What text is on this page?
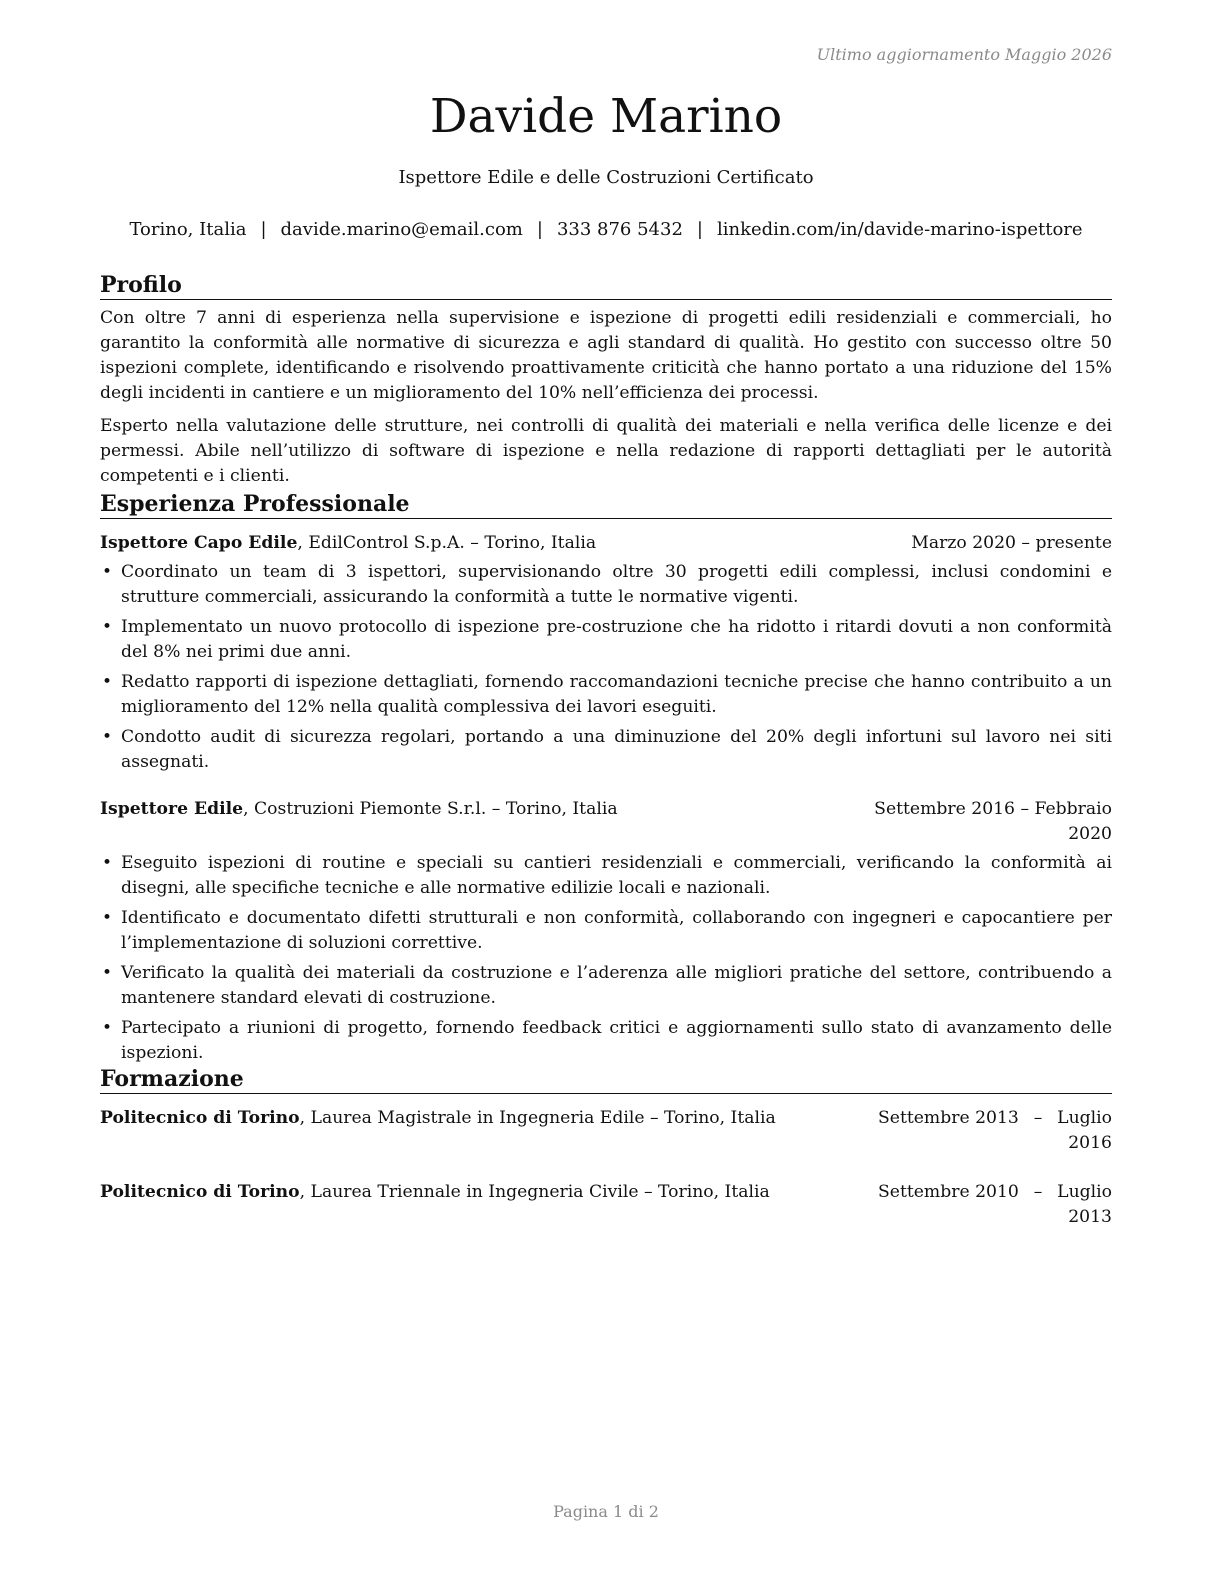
Ultimo aggiornamento Maggio 2026
Davide Marino
Ispettore Edile e delle Costruzioni Certificato
Torino, Italia | davide.marino@email.com | 333 876 5432 | linkedin.com/in/davide-marino-ispettore
Profilo

Con oltre 7 anni di esperienza nella supervisione e ispezione di progetti edili residenziali e commerciali, ho garantito la conformità alle normative di sicurezza e agli standard di qualità. Ho gestito con successo oltre 50 ispezioni complete, identificando e risolvendo proattivamente criticità che hanno portato a una riduzione del 15% degli incidenti in cantiere e un miglioramento del 10% nell’efficienza dei processi.

Esperto nella valutazione delle strutture, nei controlli di qualità dei materiali e nella verifica delle licenze e dei permessi. Abile nell’utilizzo di software di ispezione e nella redazione di rapporti dettagliati per le autorità competenti e i clienti.

Esperienza Professionale
Ispettore Capo Edile, EdilControl S.p.A. – Torino, Italia	Marzo 2020 – presente
• Coordinato un team di 3 ispettori, supervisionando oltre 30 progetti edili complessi, inclusi condomini e strutture commerciali, assicurando la conformità a tutte le normative vigenti.
• Implementato un nuovo protocollo di ispezione pre-costruzione che ha ridotto i ritardi dovuti a non conformità del 8% nei primi due anni.
• Redatto rapporti di ispezione dettagliati, fornendo raccomandazioni tecniche precise che hanno contribuito a un miglioramento del 12% nella qualità complessiva dei lavori eseguiti.
• Condotto audit di sicurezza regolari, portando a una diminuzione del 20% degli infortuni sul lavoro nei siti assegnati.
Ispettore Edile, Costruzioni Piemonte S.r.l. – Torino, Italia	Settembre 2016 – Febbraio 2020
• Eseguito ispezioni di routine e speciali su cantieri residenziali e commerciali, verificando la conformità ai disegni, alle specifiche tecniche e alle normative edilizie locali e nazionali.
• Identificato e documentato difetti strutturali e non conformità, collaborando con ingegneri e capocantiere per l’implementazione di soluzioni correttive.
• Verificato la qualità dei materiali da costruzione e l’aderenza alle migliori pratiche del settore, contribuendo a mantenere standard elevati di costruzione.
• Partecipato a riunioni di progetto, fornendo feedback critici e aggiornamenti sullo stato di avanzamento delle ispezioni.
Formazione
Politecnico di Torino, Laurea Magistrale in Ingegneria Edile – Torino, Italia	Settembre 2013 – Luglio
2016
Politecnico di Torino, Laurea Triennale in Ingegneria Civile – Torino, Italia	Settembre 2010 – Luglio
2013
Pagina 1 di 2
